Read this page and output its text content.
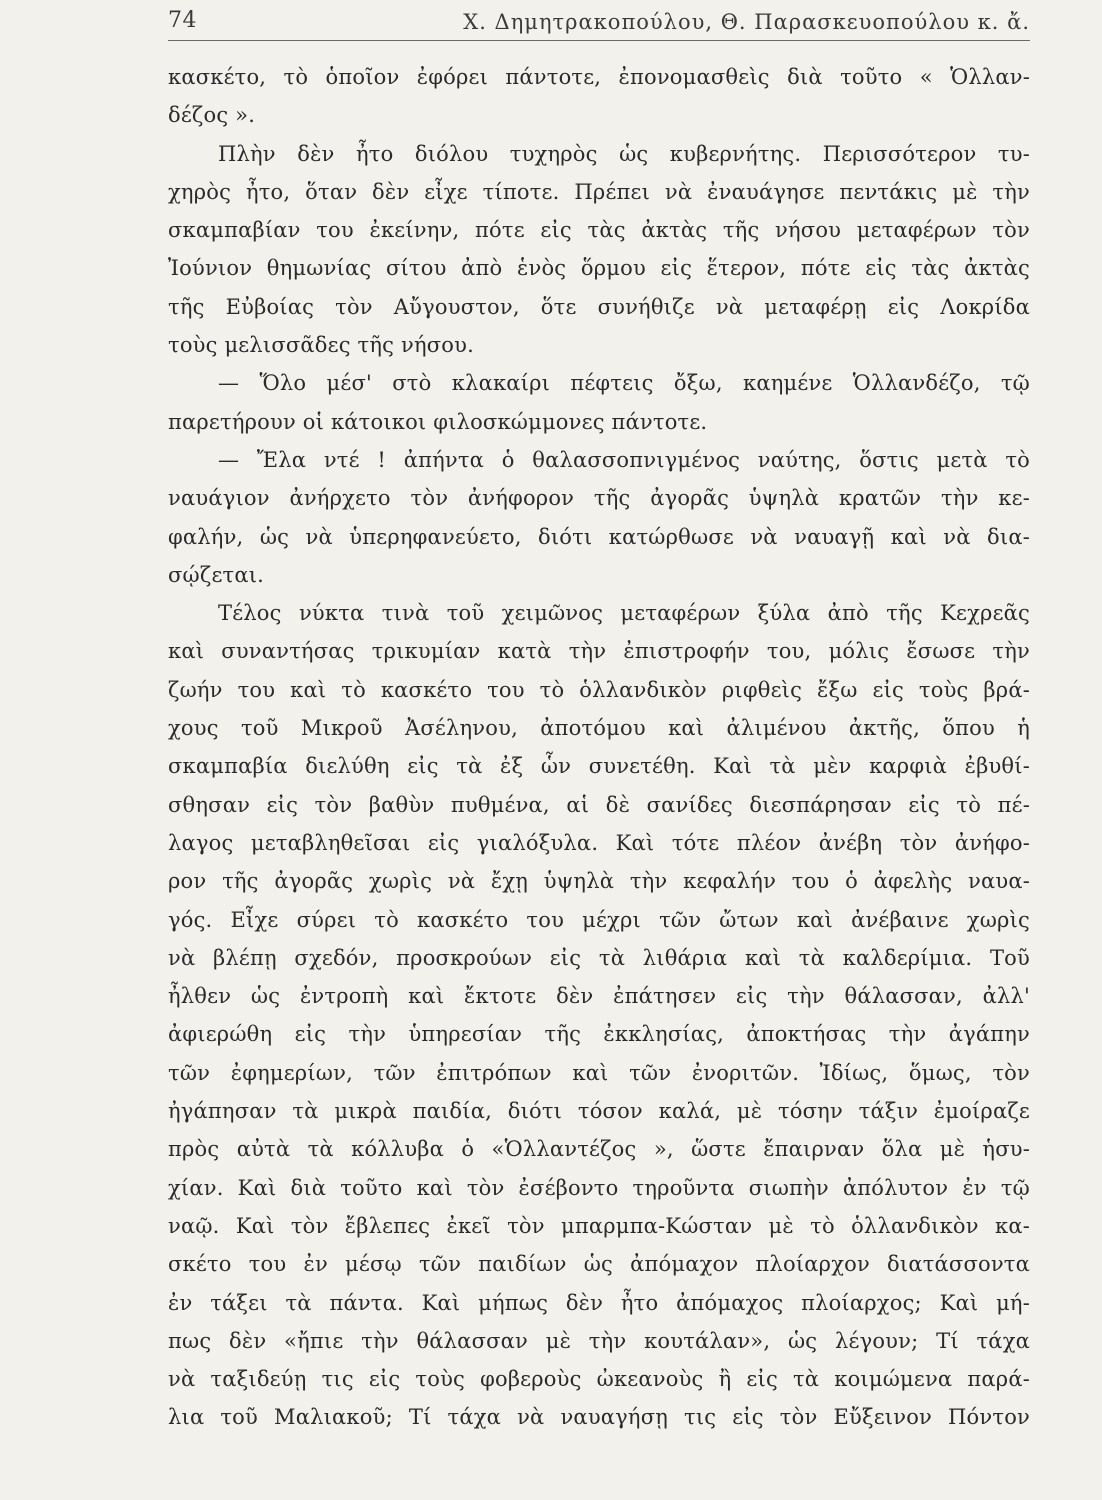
74	Χ. Δημητρακοπούλου, Θ. Παρασκευοπούλου κ. ἄ.
κασκέτο, τὸ ὁποῖον ἐφόρει πάντοτε, ἐπονομασθεὶς διὰ τοῦτο « Ὁλλαν-
δέζος ».
Πλὴν δὲν ἦτο διόλου τυχηρὸς ὡς κυβερνήτης. Περισσότερον τυ-
χηρὸς ἦτο, ὅταν δὲν εἶχε τίποτε. Πρέπει νὰ ἐναυάγησε πεντάκις μὲ τὴν
σκαμπαβίαν του ἐκείνην, πότε εἰς τὰς ἀκτὰς τῆς νήσου μεταφέρων τὸν
Ἰούνιον θημωνίας σίτου ἀπὸ ἑνὸς ὅρμου εἰς ἕτερον, πότε εἰς τὰς ἀκτὰς
τῆς Εὐβοίας τὸν Αὔγουστον, ὅτε συνήθιζε νὰ μεταφέρῃ εἰς Λοκρίδα
τοὺς μελισσᾶδες τῆς νήσου.
— Ὅλο μέσ' στὸ κλακαίρι πέφτεις ὄξω, καημένε Ὁλλανδέζο, τῷ
παρετήρουν οἱ κάτοικοι φιλοσκώμμονες πάντοτε.
— Ἔλα ντέ ! ἀπήντα ὁ θαλασσοπνιγμένος ναύτης, ὅστις μετὰ τὸ
ναυάγιον ἀνήρχετο τὸν ἀνήφορον τῆς ἀγορᾶς ὑψηλὰ κρατῶν τὴν κε-
φαλήν, ὡς νὰ ὑπερηφανεύετο, διότι κατώρθωσε νὰ ναυαγῇ καὶ νὰ δια-
σῴζεται.
Τέλος νύκτα τινὰ τοῦ χειμῶνος μεταφέρων ξύλα ἀπὸ τῆς Κεχρεᾶς
καὶ συναντήσας τρικυμίαν κατὰ τὴν ἐπιστροφήν του, μόλις ἔσωσε τὴν
ζωήν του καὶ τὸ κασκέτο του τὸ ὁλλανδικὸν ριφθεὶς ἔξω εἰς τοὺς βρά-
χους τοῦ Μικροῦ Ἀσέληνου, ἀποτόμου καὶ ἀλιμένου ἀκτῆς, ὅπου ἡ
σκαμπαβία διελύθη εἰς τὰ ἐξ ὧν συνετέθη. Καὶ τὰ μὲν καρφιὰ ἐβυθί-
σθησαν εἰς τὸν βαθὺν πυθμένα, αἱ δὲ σανίδες διεσπάρησαν εἰς τὸ πέ-
λαγος μεταβληθεῖσαι εἰς γιαλόξυλα. Καὶ τότε πλέον ἀνέβη τὸν ἀνήφο-
ρον τῆς ἀγορᾶς χωρὶς νὰ ἔχῃ ὑψηλὰ τὴν κεφαλήν του ὁ ἀφελὴς ναυα-
γός. Εἶχε σύρει τὸ κασκέτο του μέχρι τῶν ὤτων καὶ ἀνέβαινε χωρὶς
νὰ βλέπῃ σχεδόν, προσκρούων εἰς τὰ λιθάρια καὶ τὰ καλδερίμια. Τοῦ
ἦλθεν ὡς ἐντροπὴ καὶ ἔκτοτε δὲν ἐπάτησεν εἰς τὴν θάλασσαν, ἀλλ'
ἀφιερώθη εἰς τὴν ὑπηρεσίαν τῆς ἐκκλησίας, ἀποκτήσας τὴν ἀγάπην
τῶν ἐφημερίων, τῶν ἐπιτρόπων καὶ τῶν ἐνοριτῶν. Ἰδίως, ὅμως, τὸν
ἠγάπησαν τὰ μικρὰ παιδία, διότι τόσον καλά, μὲ τόσην τάξιν ἐμοίραζε
πρὸς αὐτὰ τὰ κόλλυβα ὁ «Ὁλλαντέζος », ὥστε ἔπαιρναν ὅλα μὲ ἡσυ-
χίαν. Καὶ διὰ τοῦτο καὶ τὸν ἐσέβοντο τηροῦντα σιωπὴν ἀπόλυτον ἐν τῷ
ναῷ. Καὶ τὸν ἔβλεπες ἐκεῖ τὸν μπαρμπα-Κώσταν μὲ τὸ ὁλλανδικὸν κα-
σκέτο του ἐν μέσῳ τῶν παιδίων ὡς ἀπόμαχον πλοίαρχον διατάσσοντα
ἐν τάξει τὰ πάντα. Καὶ μήπως δὲν ἦτο ἀπόμαχος πλοίαρχος; Καὶ μή-
πως δὲν «ἤπιε τὴν θάλασσαν μὲ τὴν κουτάλαν», ὡς λέγουν; Τί τάχα
νὰ ταξιδεύῃ τις εἰς τοὺς φοβεροὺς ὠκεανοὺς ἢ εἰς τὰ κοιμώμενα παρά-
λια τοῦ Μαλιακοῦ; Τί τάχα νὰ ναυαγήσῃ τις εἰς τὸν Εὔξεινον Πόντον
